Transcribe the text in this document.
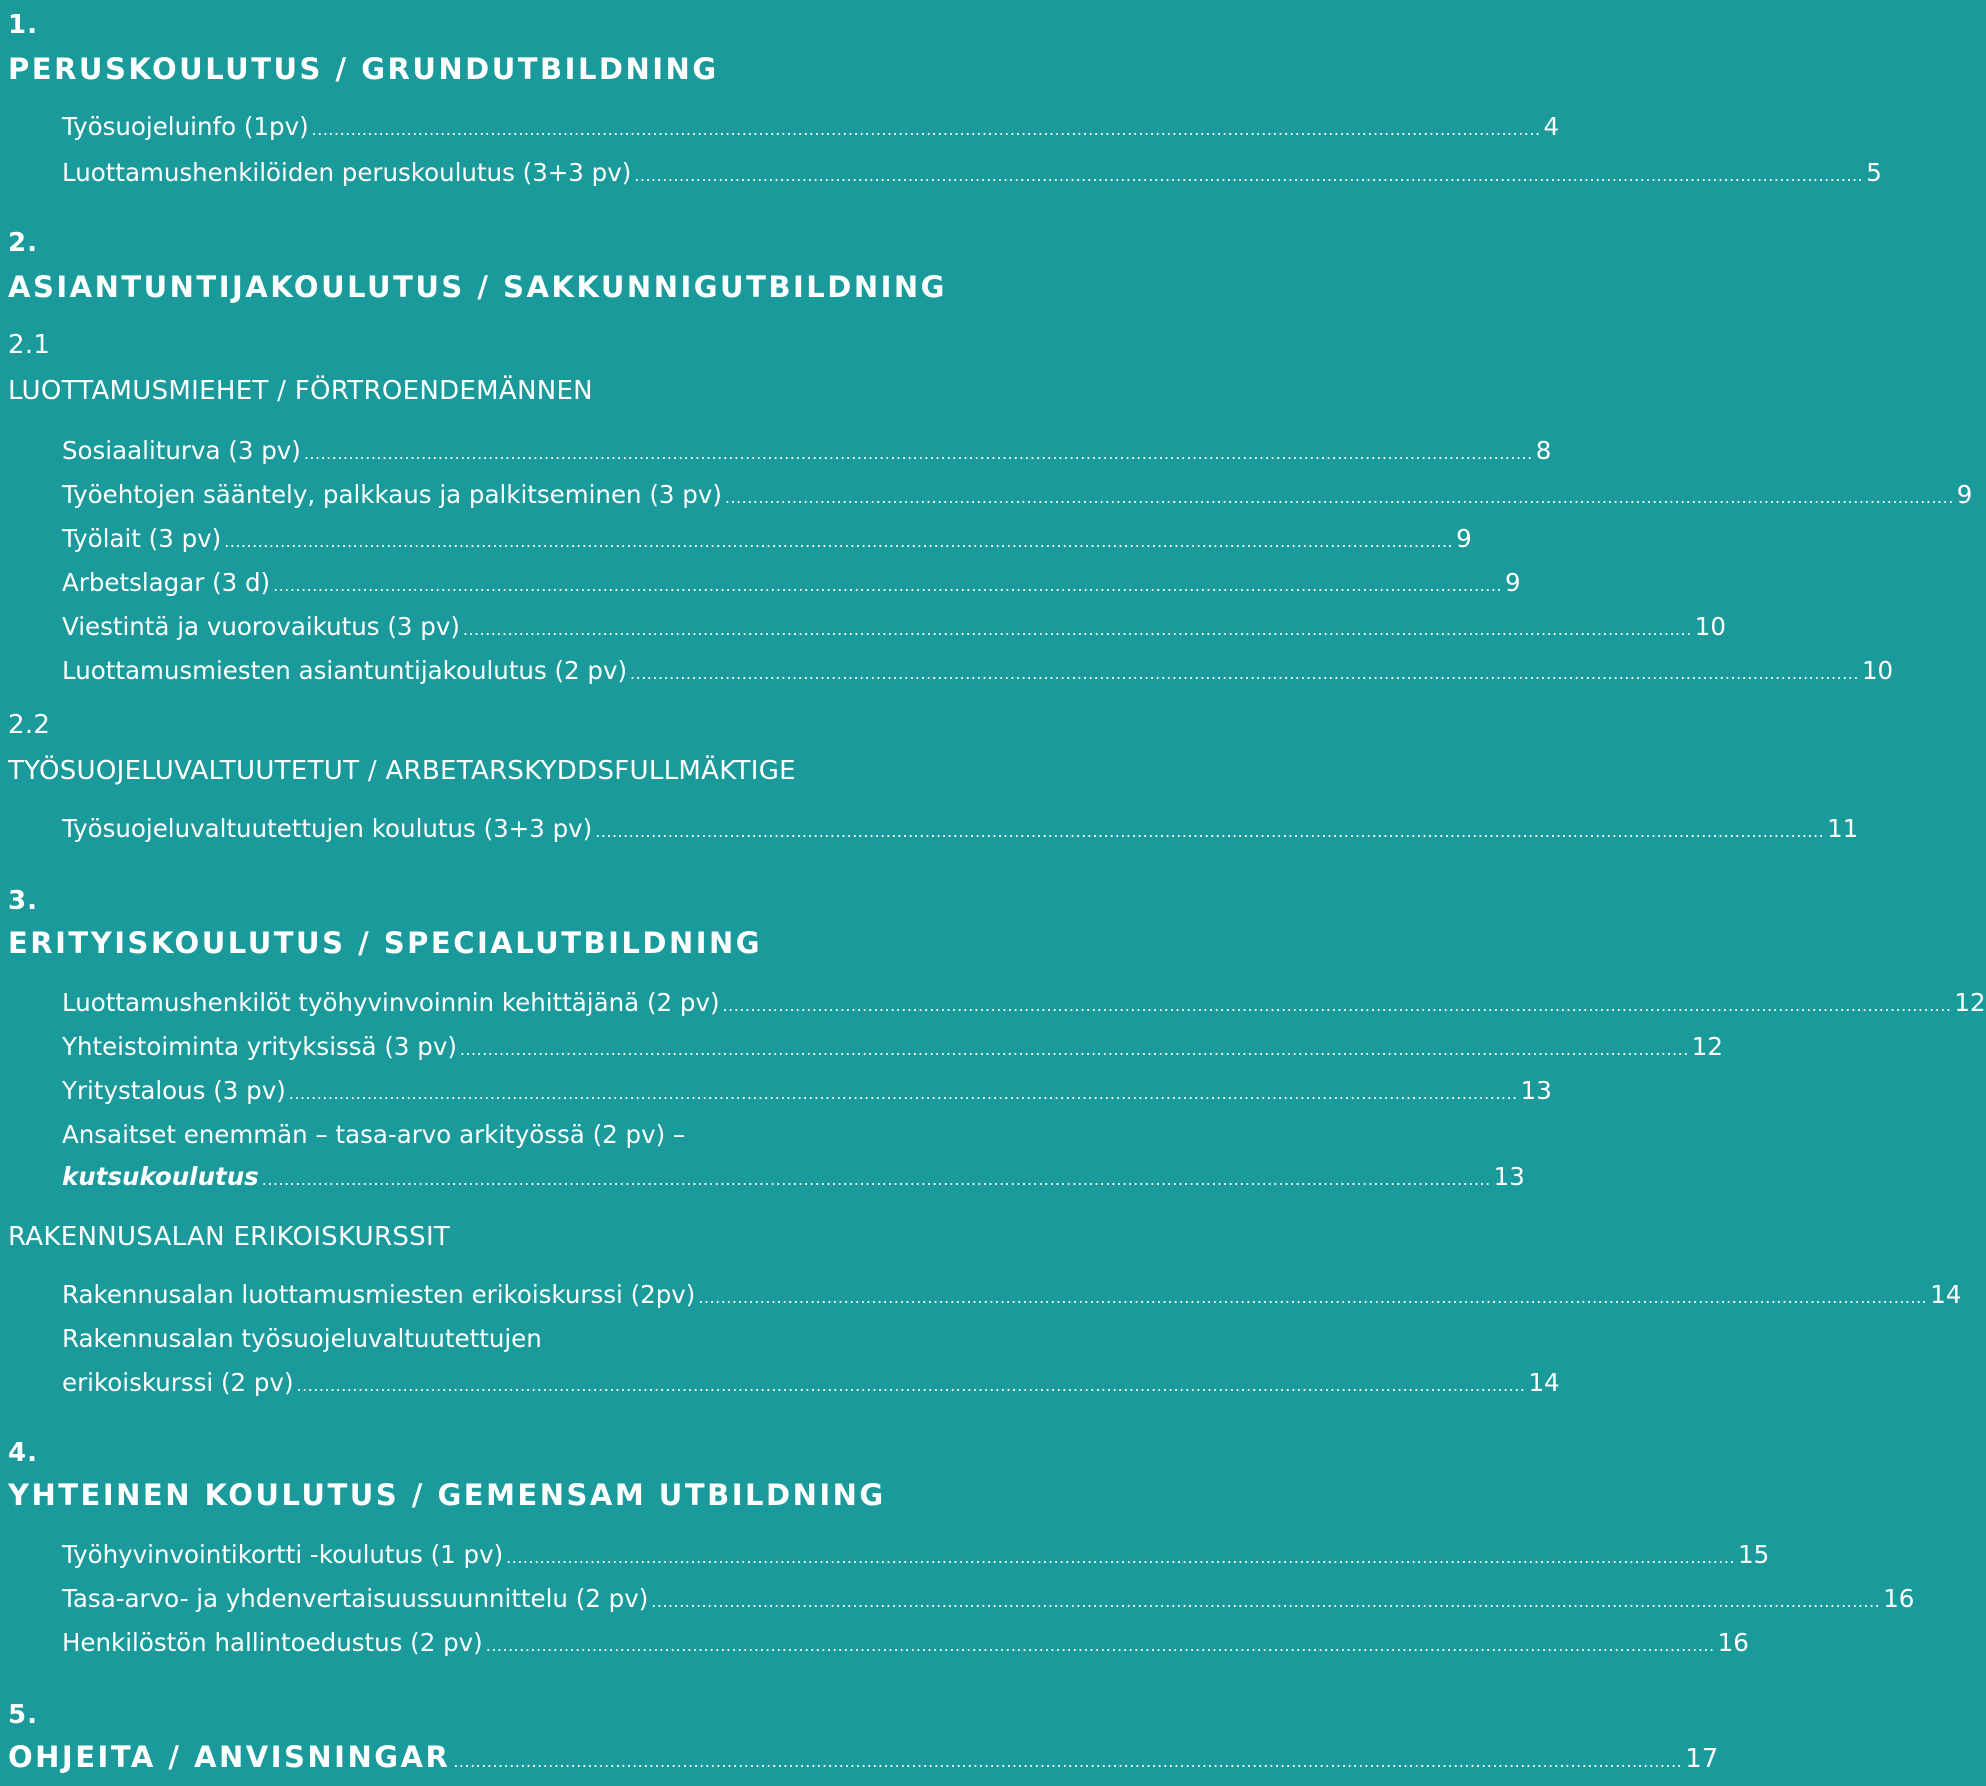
1.
PERUSKOULUTUS / GRUNDUTBILDNING
Työsuojeluinfo (1pv) ............................................................................................................................................................................................................................ 4
Luottamushenkilöiden peruskoulutus (3+3 pv) ............................................................................................................................................................................................................................ 5
2.
ASIANTUNTIJAKOULUTUS / SAKKUNNIGUTBILDNING
2.1
LUOTTAMUSMIEHET / FÖRTROENDEMÄNNEN
Sosiaaliturva (3 pv) ............................................................................................................................................................................................................................ 8
Työehtojen sääntely, palkkaus ja palkitseminen (3 pv) ............................................................................................................................................................................................................................ 9
Työlait (3 pv) ............................................................................................................................................................................................................................ 9
Arbetslagar (3 d) ............................................................................................................................................................................................................................ 9
Viestintä ja vuorovaikutus (3 pv) ............................................................................................................................................................................................................................ 10
Luottamusmiesten asiantuntijakoulutus (2 pv) ............................................................................................................................................................................................................................ 10
2.2
TYÖSUOJELUVALTUUTETUT / ARBETARSKYDDSFULLMÄKTIGE
Työsuojeluvaltuutettujen koulutus (3+3 pv) ............................................................................................................................................................................................................................ 11
3.
ERITYISKOULUTUS / SPECIALUTBILDNING
Luottamushenkilöt työhyvinvoinnin kehittäjänä (2 pv) ............................................................................................................................................................................................................................ 12
Yhteistoiminta yrityksissä (3 pv) ............................................................................................................................................................................................................................ 12
Yritystalous (3 pv) ............................................................................................................................................................................................................................ 13
Ansaitset enemmän – tasa-arvo arkityössä (2 pv) –
kutsukoulutus ............................................................................................................................................................................................................................ 13
RAKENNUSALAN ERIKOISKURSSIT
Rakennusalan luottamusmiesten erikoiskurssi (2pv) ............................................................................................................................................................................................................................ 14
Rakennusalan työsuojeluvaltuutettujen
erikoiskurssi (2 pv) ............................................................................................................................................................................................................................ 14
4.
YHTEINEN KOULUTUS / GEMENSAM UTBILDNING
Työhyvinvointikortti -koulutus (1 pv) ............................................................................................................................................................................................................................ 15
Tasa-arvo- ja yhdenvertaisuussuunnittelu (2 pv) ............................................................................................................................................................................................................................ 16
Henkilöstön hallintoedustus (2 pv) ............................................................................................................................................................................................................................ 16
5.
OHJEITA / ANVISNINGAR ............................................................................................................................................................................................................................ 17
